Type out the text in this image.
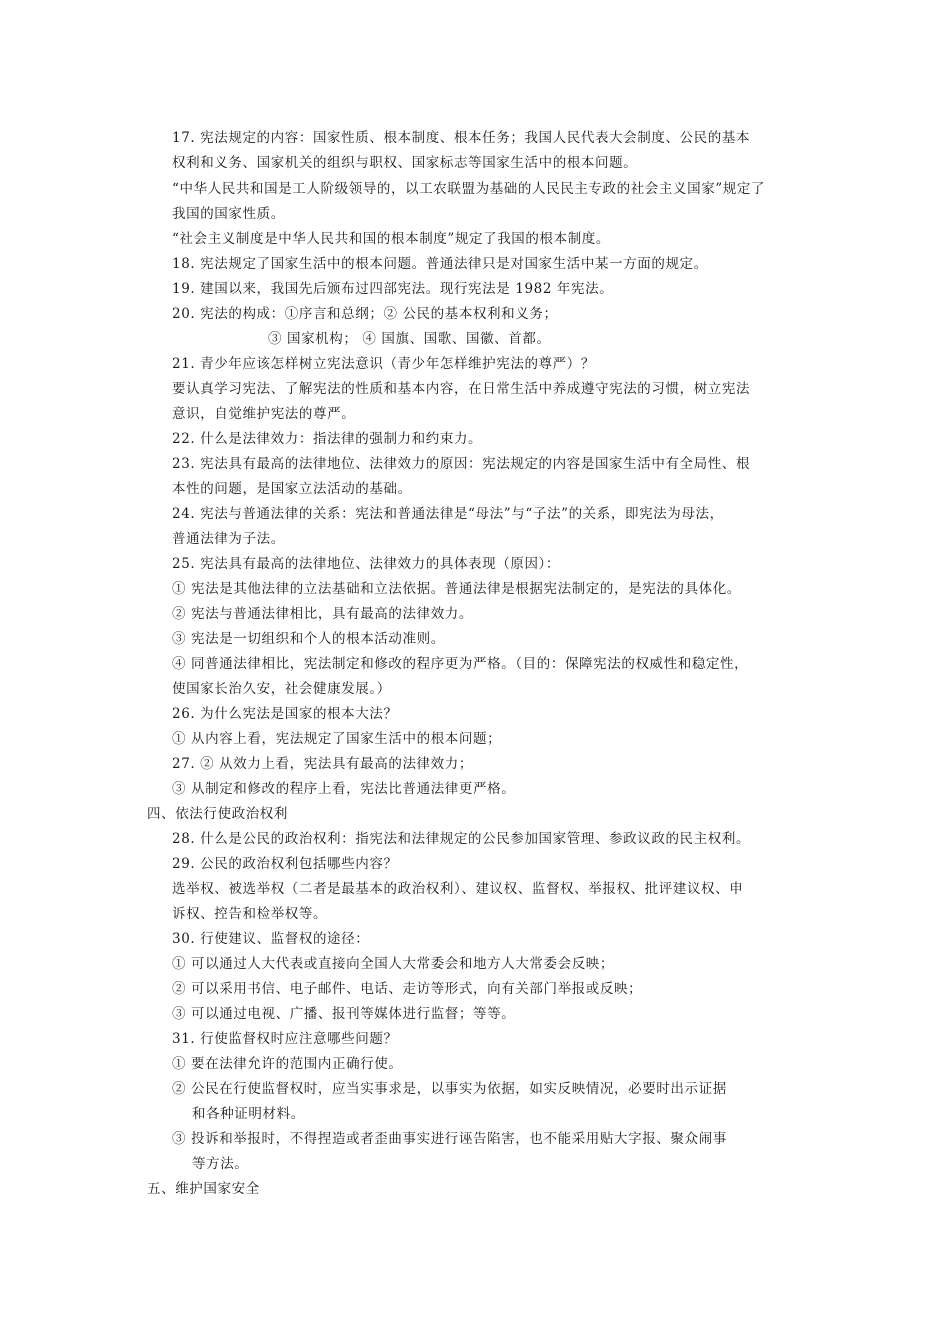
17. 宪法规定的内容：国家性质、根本制度、根本任务；我国人民代表大会制度、公民的基本
权利和义务、国家机关的组织与职权、国家标志等国家生活中的根本问题。
“中华人民共和国是工人阶级领导的，以工农联盟为基础的人民民主专政的社会主义国家”规定了
我国的国家性质。
“社会主义制度是中华人民共和国的根本制度”规定了我国的根本制度。
18. 宪法规定了国家生活中的根本问题。普通法律只是对国家生活中某一方面的规定。
19. 建国以来，我国先后颁布过四部宪法。现行宪法是 1982 年宪法。
20. 宪法的构成：①序言和总纲；② 公民的基本权利和义务；
③ 国家机构； ④ 国旗、国歌、国徽、首都。
21. 青少年应该怎样树立宪法意识（青少年怎样维护宪法的尊严）？
要认真学习宪法、了解宪法的性质和基本内容，在日常生活中养成遵守宪法的习惯，树立宪法
意识，自觉维护宪法的尊严。
22. 什么是法律效力：指法律的强制力和约束力。
23. 宪法具有最高的法律地位、法律效力的原因：宪法规定的内容是国家生活中有全局性、根
本性的问题，是国家立法活动的基础。
24. 宪法与普通法律的关系：宪法和普通法律是“母法”与“子法”的关系，即宪法为母法，
普通法律为子法。
25. 宪法具有最高的法律地位、法律效力的具体表现（原因）：
① 宪法是其他法律的立法基础和立法依据。普通法律是根据宪法制定的，是宪法的具体化。
② 宪法与普通法律相比，具有最高的法律效力。
③ 宪法是一切组织和个人的根本活动准则。
④ 同普通法律相比，宪法制定和修改的程序更为严格。（目的：保障宪法的权威性和稳定性，
使国家长治久安，社会健康发展。）
26. 为什么宪法是国家的根本大法？
① 从内容上看，宪法规定了国家生活中的根本问题；
27. ② 从效力上看，宪法具有最高的法律效力；
③ 从制定和修改的程序上看，宪法比普通法律更严格。
四、依法行使政治权利
28. 什么是公民的政治权利：指宪法和法律规定的公民参加国家管理、参政议政的民主权利。
29. 公民的政治权利包括哪些内容？
选举权、被选举权（二者是最基本的政治权利）、建议权、监督权、举报权、批评建议权、申
诉权、控告和检举权等。
30. 行使建议、监督权的途径：
① 可以通过人大代表或直接向全国人大常委会和地方人大常委会反映；
② 可以采用书信、电子邮件、电话、走访等形式，向有关部门举报或反映；
③ 可以通过电视、广播、报刊等媒体进行监督；等等。
31. 行使监督权时应注意哪些问题？
① 要在法律允许的范围内正确行使。
② 公民在行使监督权时，应当实事求是，以事实为依据，如实反映情况，必要时出示证据
和各种证明材料。
③ 投诉和举报时，不得捏造或者歪曲事实进行诬告陷害，也不能采用贴大字报、聚众闹事
等方法。
五、维护国家安全
